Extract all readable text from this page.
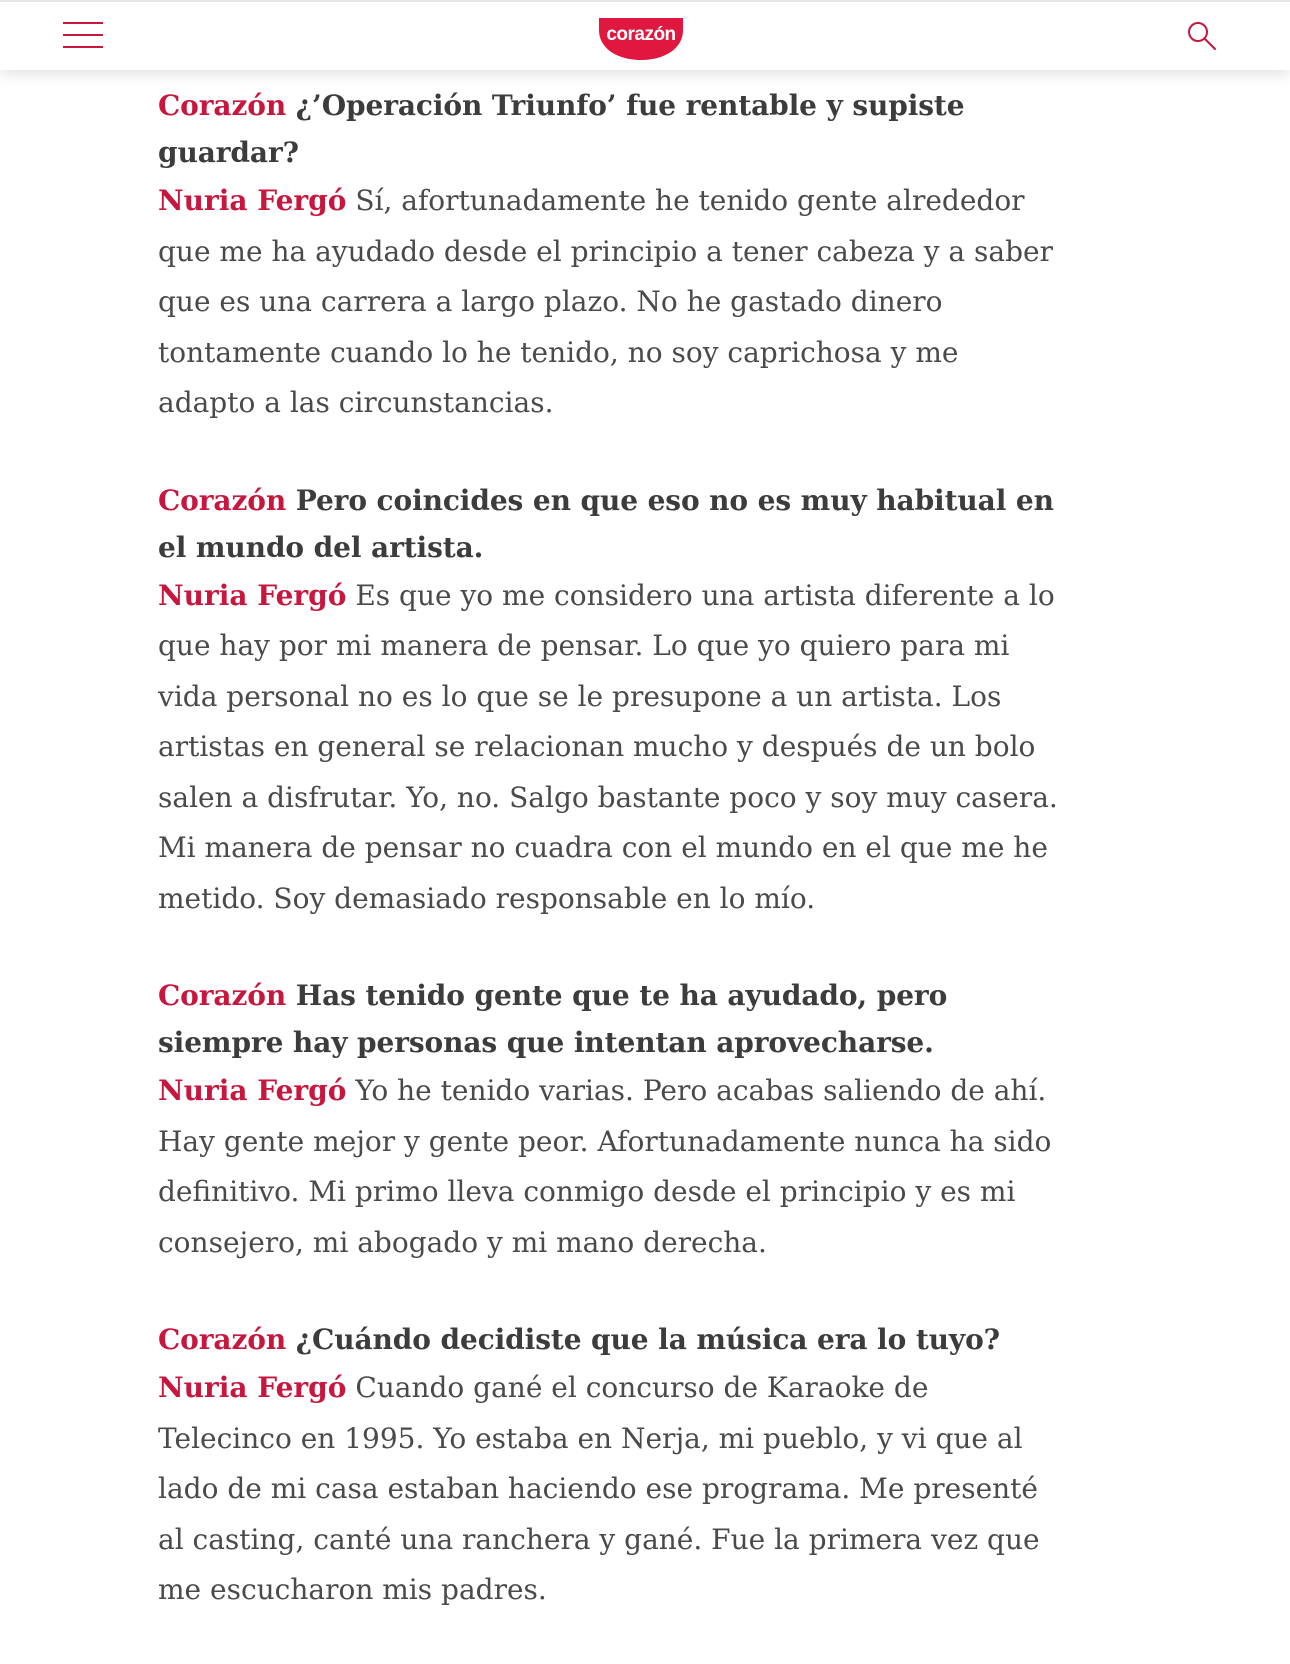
corazón

Corazón ¿’Operación Triunfo’ fue rentable y supiste guardar?

Nuria Fergó Sí, afortunadamente he tenido gente alrededor que me ha ayudado desde el principio a tener cabeza y a saber que es una carrera a largo plazo. No he gastado dinero tontamente cuando lo he tenido, no soy caprichosa y me adapto a las circunstancias.

Corazón Pero coincides en que eso no es muy habitual en el mundo del artista.

Nuria Fergó Es que yo me considero una artista diferente a lo que hay por mi manera de pensar. Lo que yo quiero para mi vida personal no es lo que se le presupone a un artista. Los artistas en general se relacionan mucho y después de un bolo salen a disfrutar. Yo, no. Salgo bastante poco y soy muy casera. Mi manera de pensar no cuadra con el mundo en el que me he metido. Soy demasiado responsable en lo mío.

Corazón Has tenido gente que te ha ayudado, pero siempre hay personas que intentan aprovecharse.

Nuria Fergó Yo he tenido varias. Pero acabas saliendo de ahí. Hay gente mejor y gente peor. Afortunadamente nunca ha sido definitivo. Mi primo lleva conmigo desde el principio y es mi consejero, mi abogado y mi mano derecha.

Corazón ¿Cuándo decidiste que la música era lo tuyo?

Nuria Fergó Cuando gané el concurso de Karaoke de Telecinco en 1995. Yo estaba en Nerja, mi pueblo, y vi que al lado de mi casa estaban haciendo ese programa. Me presenté al casting, canté una ranchera y gané. Fue la primera vez que me escucharon mis padres.
